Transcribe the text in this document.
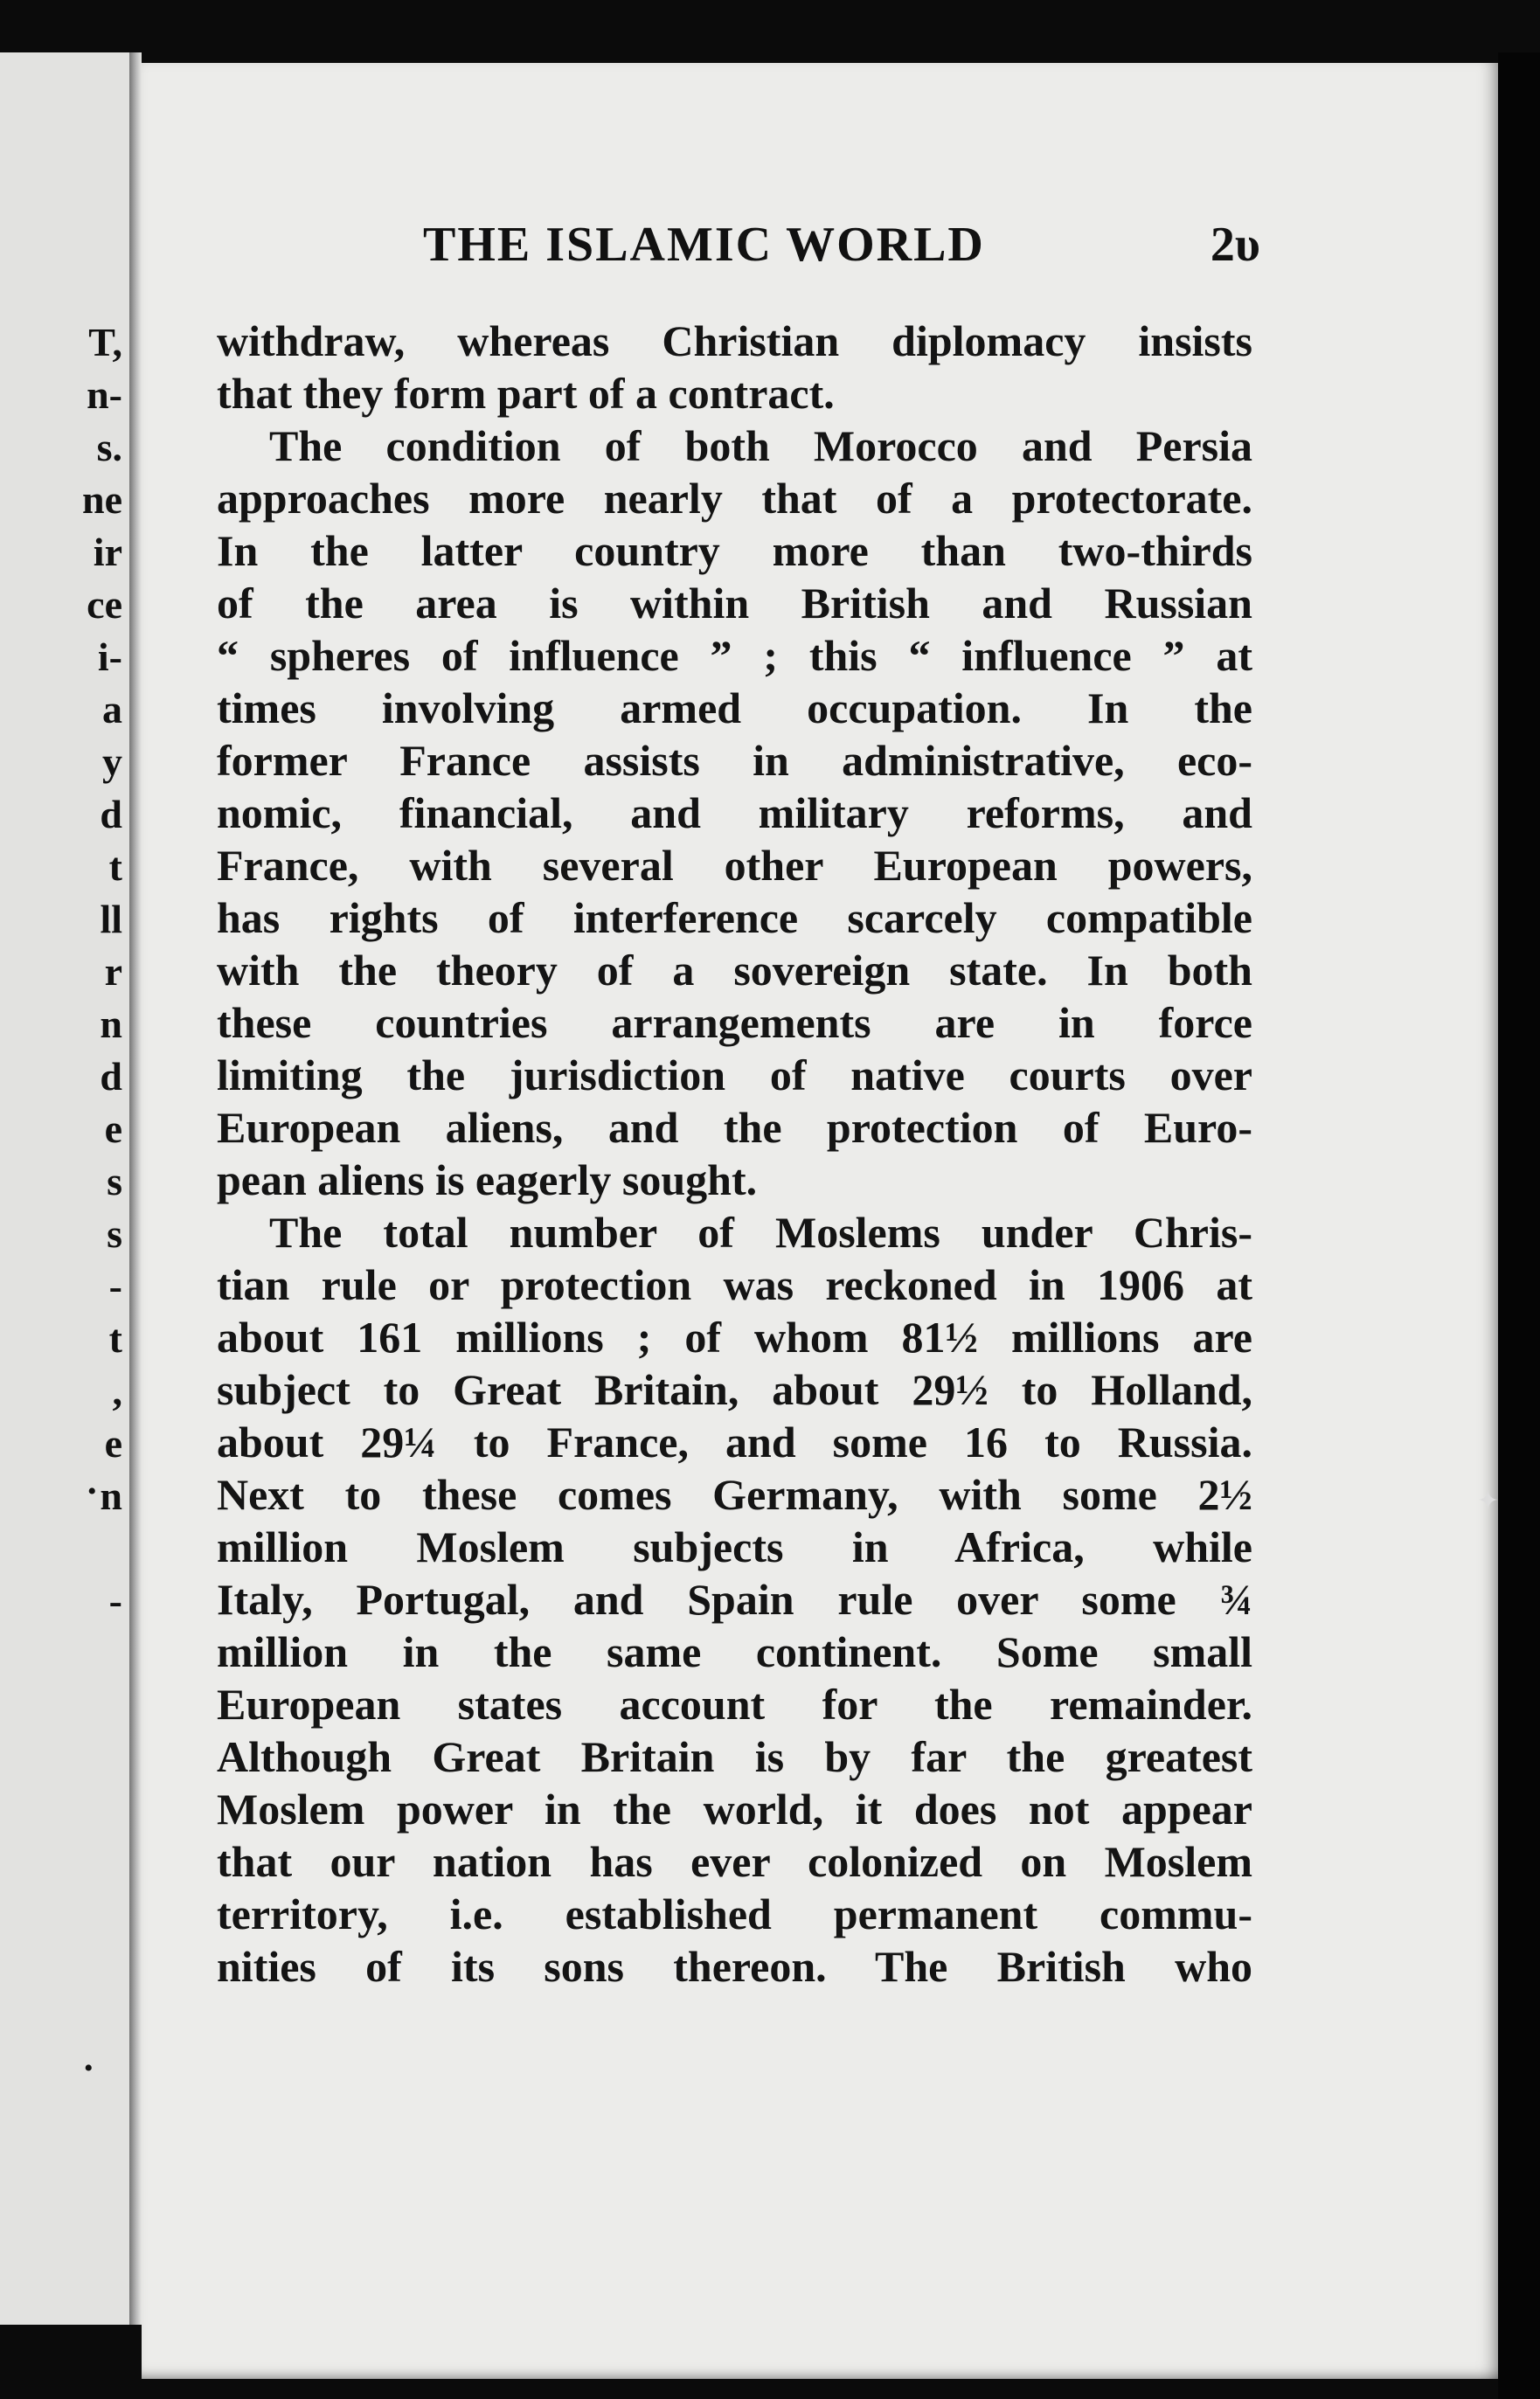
T,
n-
s.
ne
ir
ce
i-
a
y
d
t
ll
r
n
d
e
s
s
-
t
,
e
n
-
THE ISLAMIC WORLD	2υ
withdraw, whereas Christian diplomacy insists
that they form part of a contract.
The condition of both Morocco and Persia
approaches more nearly that of a protectorate.
In the latter country more than two-thirds
of the area is within British and Russian
“ spheres of influence ” ; this “ influence ” at
times involving armed occupation. In the
former France assists in administrative, eco-
nomic, financial, and military reforms, and
France, with several other European powers,
has rights of interference scarcely compatible
with the theory of a sovereign state. In both
these countries arrangements are in force
limiting the jurisdiction of native courts over
European aliens, and the protection of Euro-
pean aliens is eagerly sought.
The total number of Moslems under Chris-
tian rule or protection was reckoned in 1906 at
about 161 millions ; of whom 81½ millions are
subject to Great Britain, about 29½ to Holland,
about 29¼ to France, and some 16 to Russia.
Next to these comes Germany, with some 2½
million Moslem subjects in Africa, while
Italy, Portugal, and Spain rule over some ¾
million in the same continent. Some small
European states account for the remainder.
Although Great Britain is by far the greatest
Moslem power in the world, it does not appear
that our nation has ever colonized on Moslem
territory, i.e. established permanent commu-
nities of its sons thereon. The British who
✦
•
•
